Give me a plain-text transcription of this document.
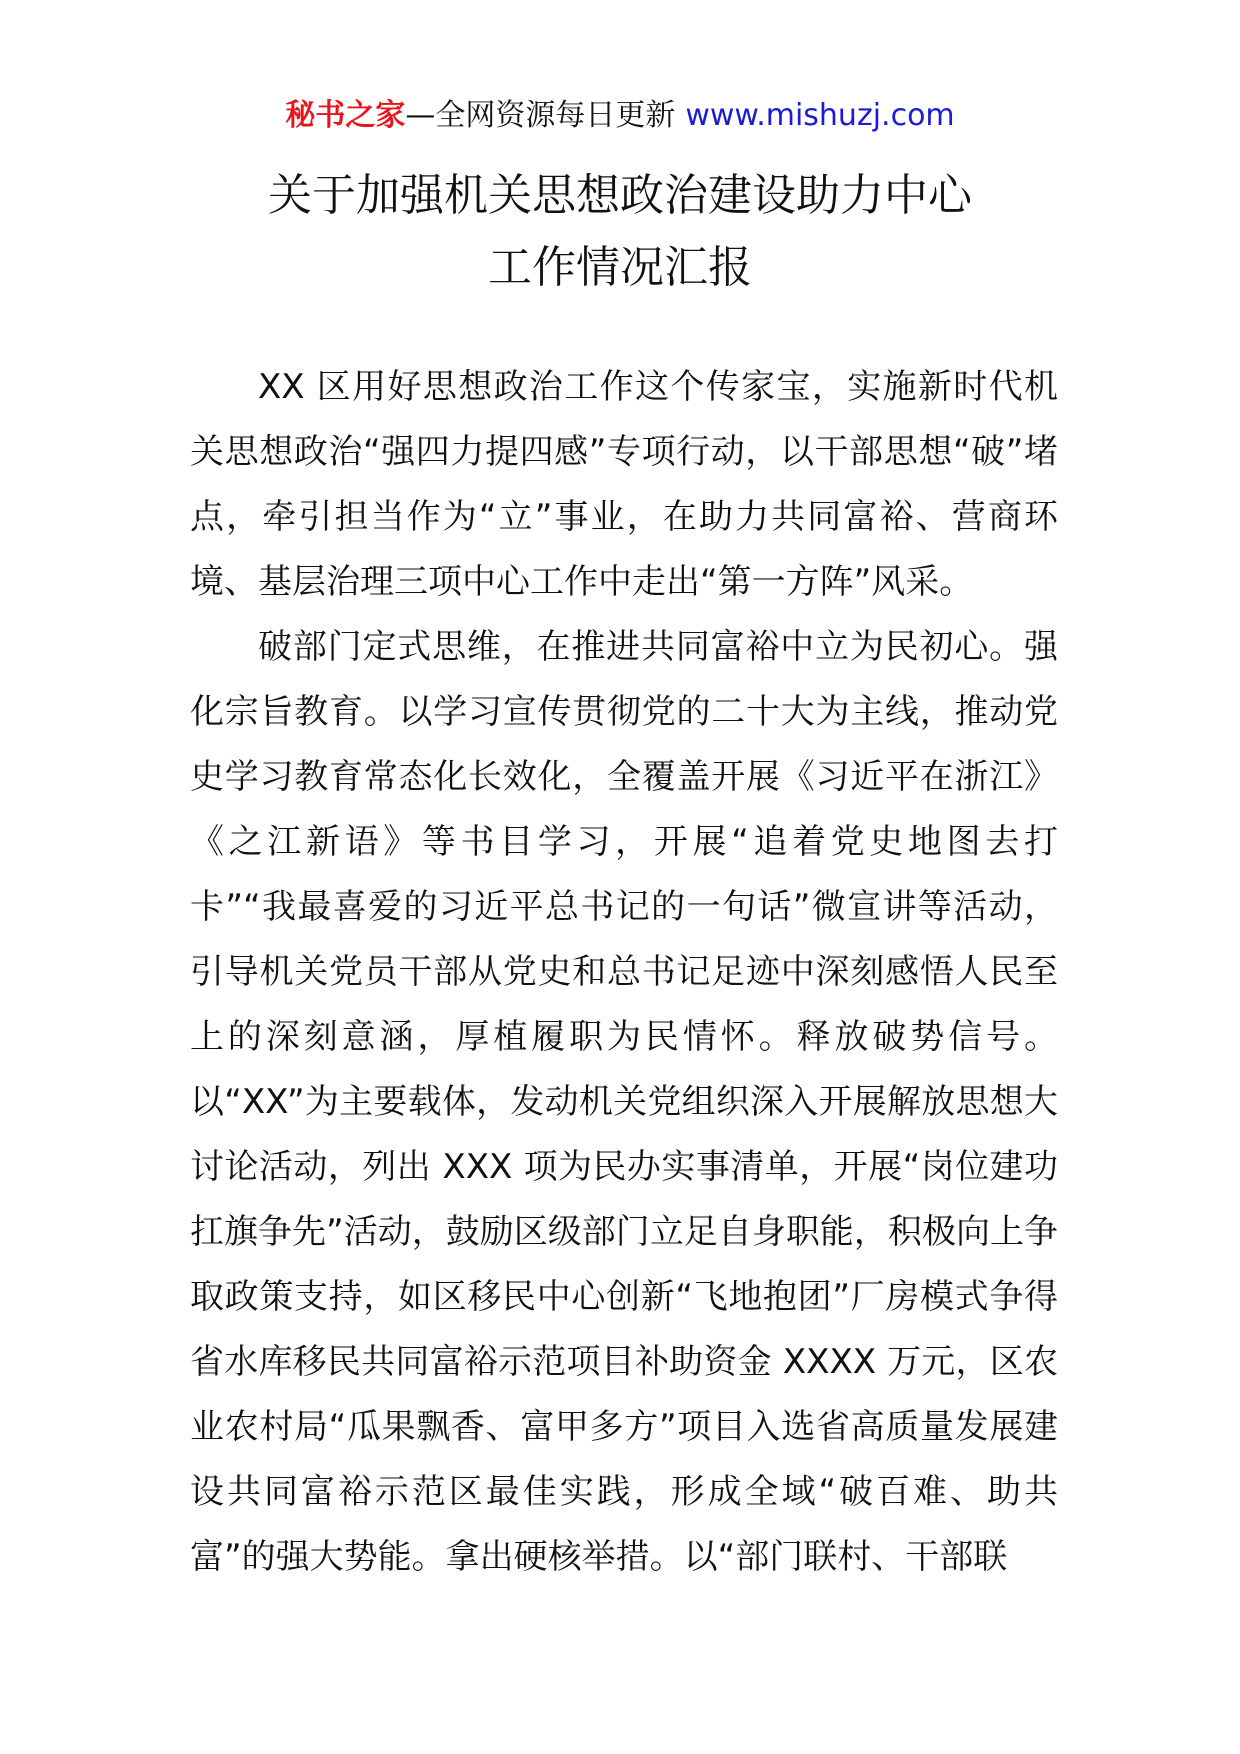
秘书之家—全网资源每日更新 www.mishuzj.com
关于加强机关思想政治建设助力中心
工作情况汇报

XX 区用好思想政治工作这个传家宝，实施新时代机关思想政治“强四力提四感”专项行动，以干部思想“破”堵点，牵引担当作为“立”事业，在助力共同富裕、营商环境、基层治理三项中心工作中走出“第一方阵”风采。

破部门定式思维，在推进共同富裕中立为民初心。强化宗旨教育。以学习宣传贯彻党的二十大为主线，推动党史学习教育常态化长效化，全覆盖开展《习近平在浙江》《之江新语》等书目学习，开展“追着党史地图去打卡”“我最喜爱的习近平总书记的一句话”微宣讲等活动，引导机关党员干部从党史和总书记足迹中深刻感悟人民至上的深刻意涵，厚植履职为民情怀。释放破势信号。以“XX”为主要载体，发动机关党组织深入开展解放思想大讨论活动，列出 XXX 项为民办实事清单，开展“岗位建功扛旗争先”活动，鼓励区级部门立足自身职能，积极向上争取政策支持，如区移民中心创新“飞地抱团”厂房模式争得省水库移民共同富裕示范项目补助资金 XXXX 万元，区农业农村局“瓜果飘香、富甲多方”项目入选省高质量发展建设共同富裕示范区最佳实践，形成全域“破百难、助共富”的强大势能。拿出硬核举措。以“部门联村、干部联
